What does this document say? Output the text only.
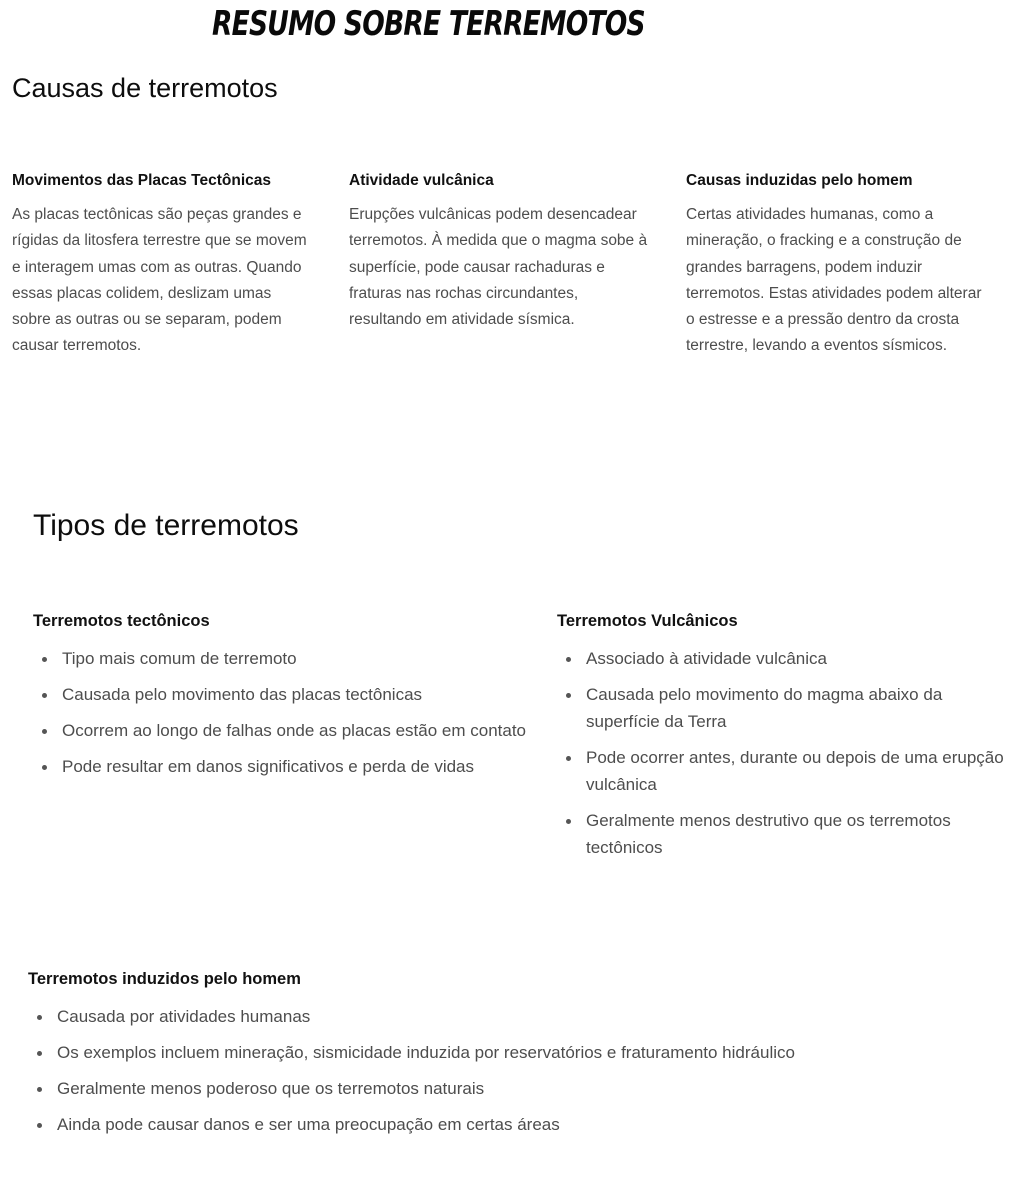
RESUMO SOBRE TERREMOTOS
Causas de terremotos
Movimentos das Placas Tectônicas

As placas tectônicas são peças grandes e rígidas da litosfera terrestre que se movem e interagem umas com as outras. Quando essas placas colidem, deslizam umas sobre as outras ou se separam, podem causar terremotos.

Atividade vulcânica

Erupções vulcânicas podem desencadear terremotos. À medida que o magma sobe à superfície, pode causar rachaduras e fraturas nas rochas circundantes, resultando em atividade sísmica.

Causas induzidas pelo homem

Certas atividades humanas, como a mineração, o fracking e a construção de grandes barragens, podem induzir terremotos. Estas atividades podem alterar o estresse e a pressão dentro da crosta terrestre, levando a eventos sísmicos.

Tipos de terremotos
Terremotos tectônicos
Tipo mais comum de terremoto
Causada pelo movimento das placas tectônicas
Ocorrem ao longo de falhas onde as placas estão em contato
Pode resultar em danos significativos e perda de vidas
Terremotos Vulcânicos
Associado à atividade vulcânica
Causada pelo movimento do magma abaixo da superfície da Terra
Pode ocorrer antes, durante ou depois de uma erupção vulcânica
Geralmente menos destrutivo que os terremotos tectônicos
Terremotos induzidos pelo homem
Causada por atividades humanas
Os exemplos incluem mineração, sismicidade induzida por reservatórios e fraturamento hidráulico
Geralmente menos poderoso que os terremotos naturais
Ainda pode causar danos e ser uma preocupação em certas áreas
